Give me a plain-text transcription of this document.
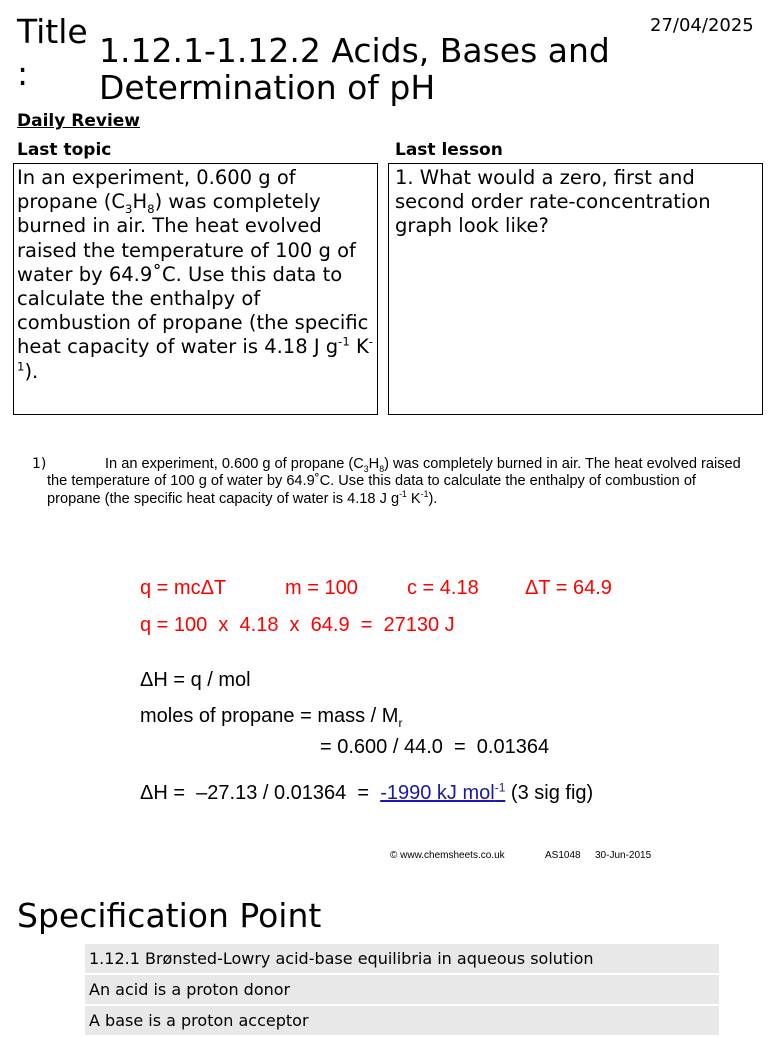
Title
:
1.12.1-1.12.2 Acids, Bases and Determination of pH
27/04/2025
Daily Review
Last topic	Last lesson
In an experiment, 0.600 g of propane $(C_3H_8)$ was completely burned in air. The heat evolved raised the temperature of 100 g of water by 64.9˚C. Use this data to calculate the enthalpy of combustion of propane (the specific heat capacity of water is 4.18 J $g^{-1}$ $K^{-1}$).
1. What would a zero, first and second order rate-concentration graph look like?
1)	In an experiment, 0.600 g of propane $(C_3H_8)$ was completely burned in air. The heat evolved raised the temperature of 100 g of water by 64.9˚C. Use this data to calculate the enthalpy of combustion of propane (the specific heat capacity of water is 4.18 J $g^{-1}$ $K^{-1}$).
q = mcΔT	m = 100 c = 4.18 ΔT = 64.9
q = 100  x  4.18  x  64.9  =  27130 J
ΔH = q / mol
moles of propane = mass / $M_r$
= 0.600 / 44.0  =  0.01364
ΔH =  –27.13 / 0.01364  =  -1990 kJ mol$^{-1}$ (3 sig fig)
© www.chemsheets.co.uk	AS1048 30-Jun-2015
Specification Point
1.12.1 Brønsted-Lowry acid-base equilibria in aqueous solution
An acid is a proton donor
A base is a proton acceptor
